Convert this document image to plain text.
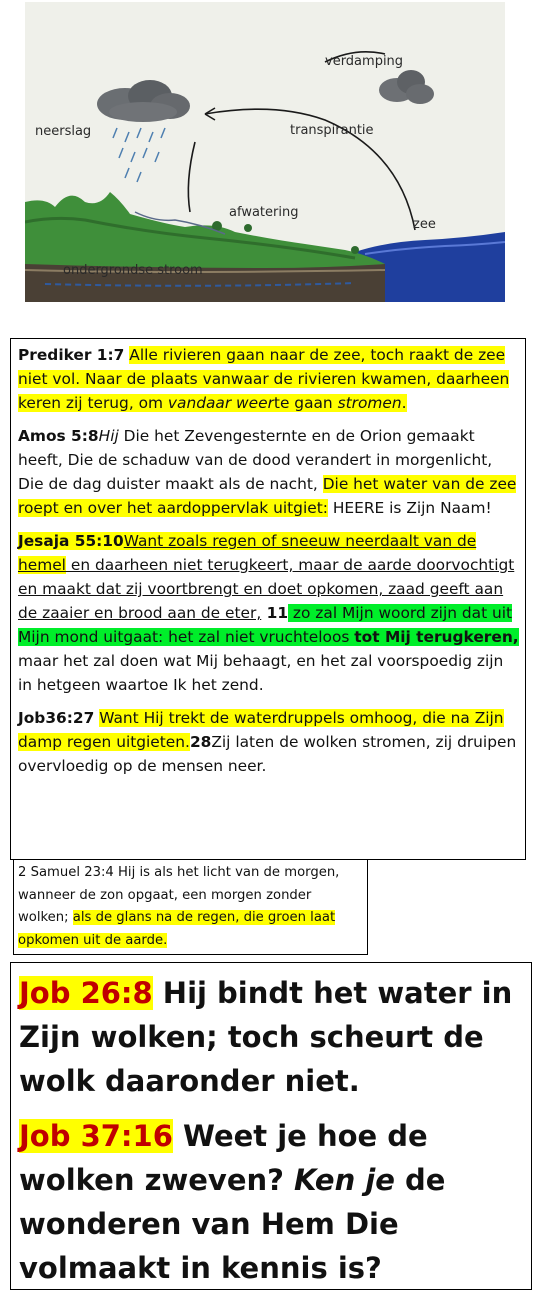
verdamping
transpirantie
neerslag
afwatering
zee
ondergrondse stroom

Prediker 1:7 Alle rivieren gaan naar de zee, toch raakt de zee niet vol. Naar de plaats vanwaar de rivieren kwamen, daarheen keren zij terug, om vandaar weerte gaan stromen.

Amos 5:8Hij Die het Zevengesternte en de Orion gemaakt heeft, Die de schaduw van de dood verandert in morgenlicht, Die de dag duister maakt als de nacht, Die het water van de zee roept en over het aardoppervlak uitgiet: HEERE is Zijn Naam!

Jesaja 55:10Want zoals regen of sneeuw neerdaalt van de hemel en daarheen niet terugkeert, maar de aarde doorvochtigt en maakt dat zij voortbrengt en doet opkomen, zaad geeft aan de zaaier en brood aan de eter, 11 zo zal Mijn woord zijn dat uit Mijn mond uitgaat: het zal niet vruchteloos tot Mij terugkeren, maar het zal doen wat Mij behaagt, en het zal voorspoedig zijn in hetgeen waartoe Ik het zend.

Job36:27 Want Hij trekt de waterdruppels omhoog, die na Zijn damp regen uitgieten.28Zij laten de wolken stromen, zij druipen overvloedig op de mensen neer.

2 Samuel 23:4 Hij is als het licht van de morgen, wanneer de zon opgaat, een morgen zonder wolken; als de glans na de regen, die groen laat opkomen uit de aarde.

Job 26:8 Hij bindt het water in Zijn wolken; toch scheurt de wolk daaronder niet.

Job 37:16 Weet je hoe de wolken zweven? Ken je de wonderen van Hem Die volmaakt in kennis is?
